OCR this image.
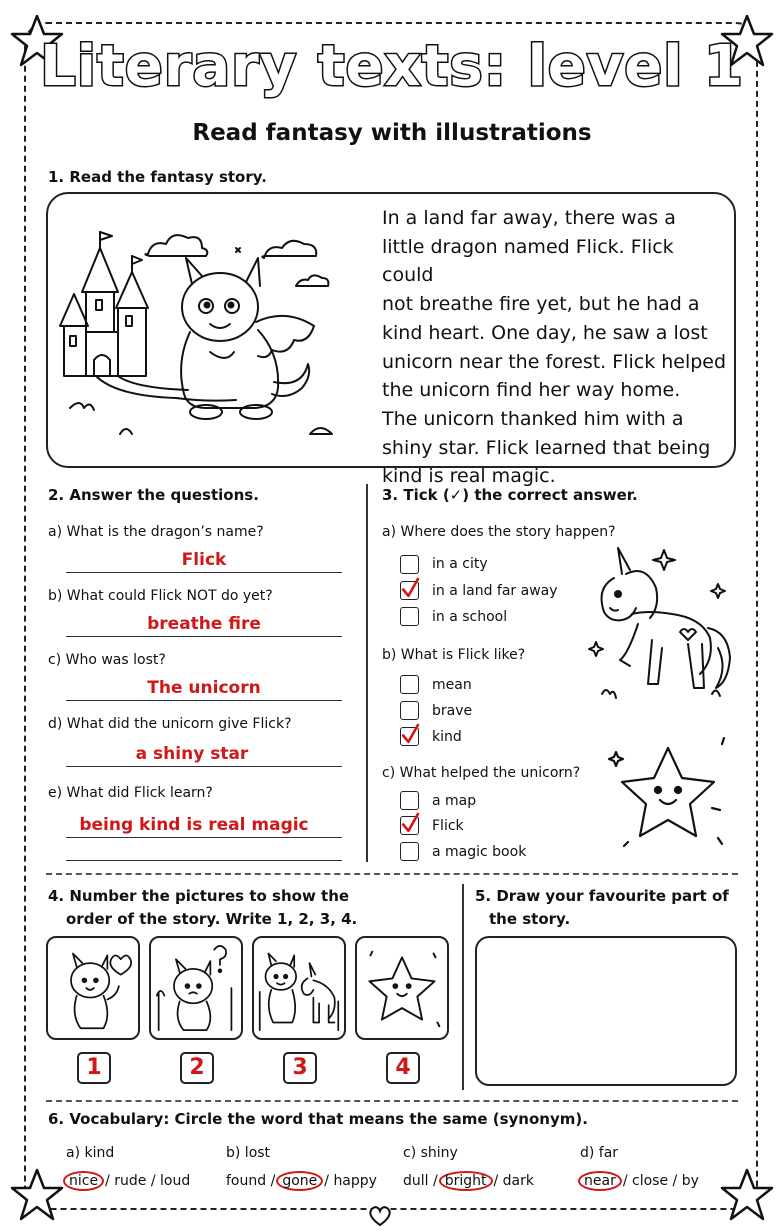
Literary texts: level 1
Read fantasy with illustrations
1. Read the fantasy story.
In a land far away, there was a
little dragon named Flick. Flick could
not breathe fire yet, but he had a
kind heart. One day, he saw a lost
unicorn near the forest. Flick helped
the unicorn find her way home.
The unicorn thanked him with a
shiny star. Flick learned that being
kind is real magic.
2. Answer the questions.
a) What is the dragon’s name?
Flick
b) What could Flick NOT do yet?
breathe fire
c) Who was lost?
The unicorn
d) What did the unicorn give Flick?
a shiny star
e) What did Flick learn?
being kind is real magic
3. Tick (✓) the correct answer.
a) Where does the story happen?
in a city
in a land far away
in a school
b) What is Flick like?
mean
brave
kind
c) What helped the unicorn?
a map
Flick
a magic book
4. Number the pictures to show the
order of the story. Write 1, 2, 3, 4.
1	2	3	4
5. Draw your favourite part of
the story.
6. Vocabulary: Circle the word that means the same (synonym).
a) kind
nice / rude / loud
b) lost
found / gone / happy
c) shiny
dull / bright / dark
d) far
near / close / by
